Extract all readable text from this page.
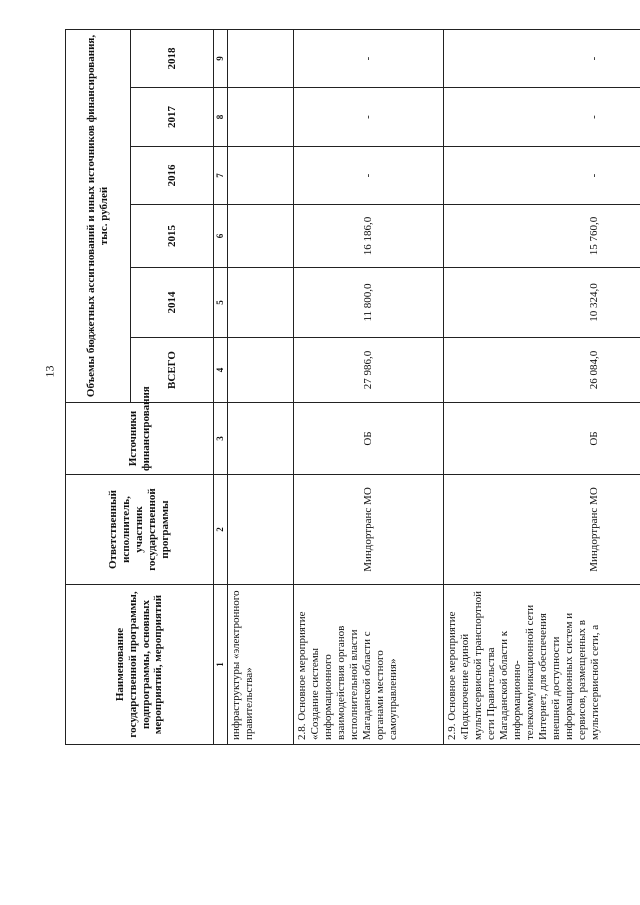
13
Наименование государственной программы, подпрограммы, основных мероприятий, мероприятий	Ответственный исполнитель, участник государственной программы	Источники финансирования	Объемы бюджетных ассигнований и иных источников финансирования, тыс. рублей					
			ВСЕГО	2014	2015	2016	2017	2018
1	2	3	4	5	6	7	8	9
инфраструктуры «электронного правительства»								
2.8. Основное мероприятие «Создание системы информационного взаимодействия органов исполнительной власти Магаданской области с органами местного самоуправления»	Миндортранс МО	ОБ	27 986,0	11 800,0	16 186,0	-	-	-
2.9. Основное мероприятие «Подключение единой мультисервисной транспортной сети Правительства Магаданской области к информационно-телекоммуникационной сети Интернет, для обеспечения внешней доступности информационных систем и сервисов, размещенных в мультисервисной сети, а	Миндортранс МО	ОБ	26 084,0	10 324,0	15 760,0	-	-	-
